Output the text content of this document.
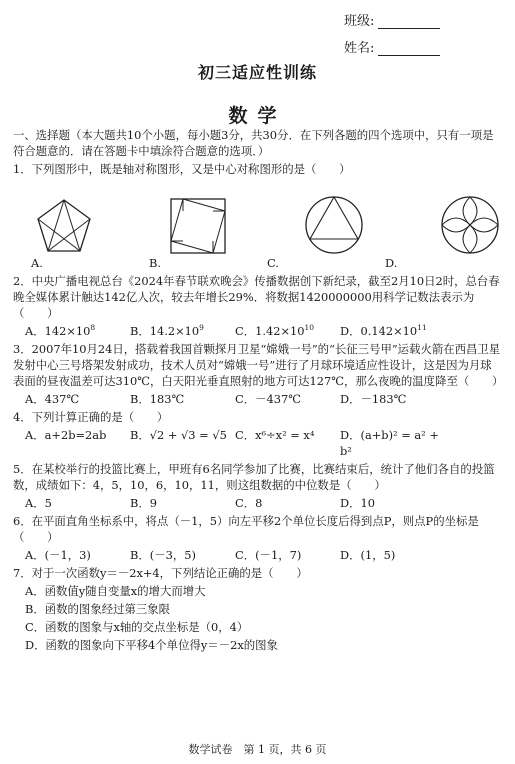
班级:
姓名:
初三适应性训练
数学
一、选择题（本大题共10个小题，每小题3分，共30分．在下列各题的四个选项中，只有一项是符合题意的．请在答题卡中填涂符合题意的选项．）
1．下列图形中，既是轴对称图形，又是中心对称图形的是（　　）
A.	B.	C.	D.
2．中央广播电视总台《2024年春节联欢晚会》传播数据创下新纪录，截至2月10日2时，总台春晚全媒体累计触达142亿人次，较去年增长29%．将数据1420000000用科学记数法表示为（　　）
A．$142\times 10^8$	B．$14.2\times 10^9$	C．$1.42\times 10^{10}$	D．$0.142\times 10^{11}$
3．2007年10月24日，搭载着我国首颗探月卫星“嫦娥一号”的“长征三号甲”运载火箭在西昌卫星发射中心三号塔架发射成功，技术人员对“嫦娥一号”进行了月球环境适应性设计，这是因为月球表面的昼夜温差可达310℃，白天阳光垂直照射的地方可达127℃，那么夜晚的温度降至（　　）
A．437℃	B．183℃	C．－437℃	D．－183℃
4．下列计算正确的是（　　）
A．a+2b=2ab	B．√2 + √3 = √5 C．x⁶÷x² = x⁴	D．(a+b)² = a² + b²
5．在某校举行的投篮比赛上，甲班有6名同学参加了比赛，比赛结束后，统计了他们各自的投篮数，成绩如下：4，5，10，6，10，11，则这组数据的中位数是（　　）
A．5	B．9	C．8	D．10
6．在平面直角坐标系中，将点（－1，5）向左平移2个单位长度后得到点P，则点P的坐标是（　　）
A．(－1，3)	B．(－3，5)	C．(－1，7)	D．(1，5)
7．对于一次函数y＝－2x+4，下列结论正确的是（　　）
A．函数值y随自变量x的增大而增大
B．函数的图象经过第三象限
C．函数的图象与x轴的交点坐标是（0，4）
D．函数的图象向下平移4个单位得y＝－2x的图象
数学试卷　第 1 页，共 6 页
